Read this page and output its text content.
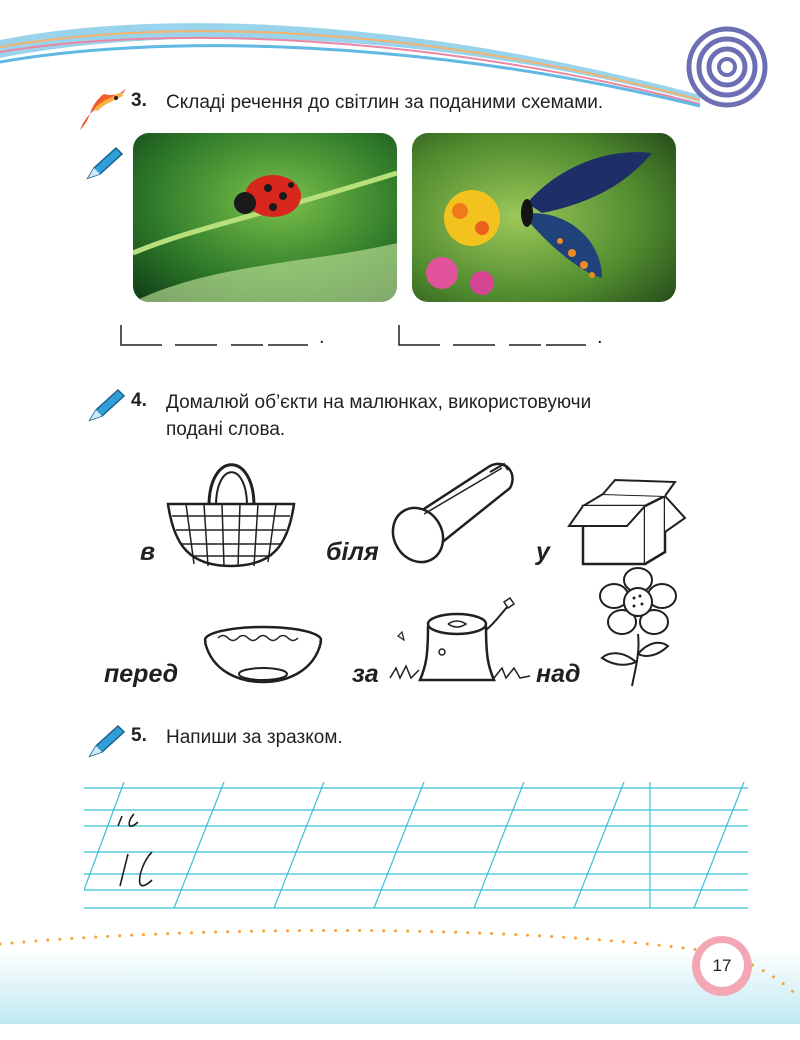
3. Складі речення до світлин за поданими схемами.
.	.
4. Домалюй об’єкти на малюнках, використовуючи
подані слова.
в	біля	у
перед	за	над
5. Напиши за зразком.
17
